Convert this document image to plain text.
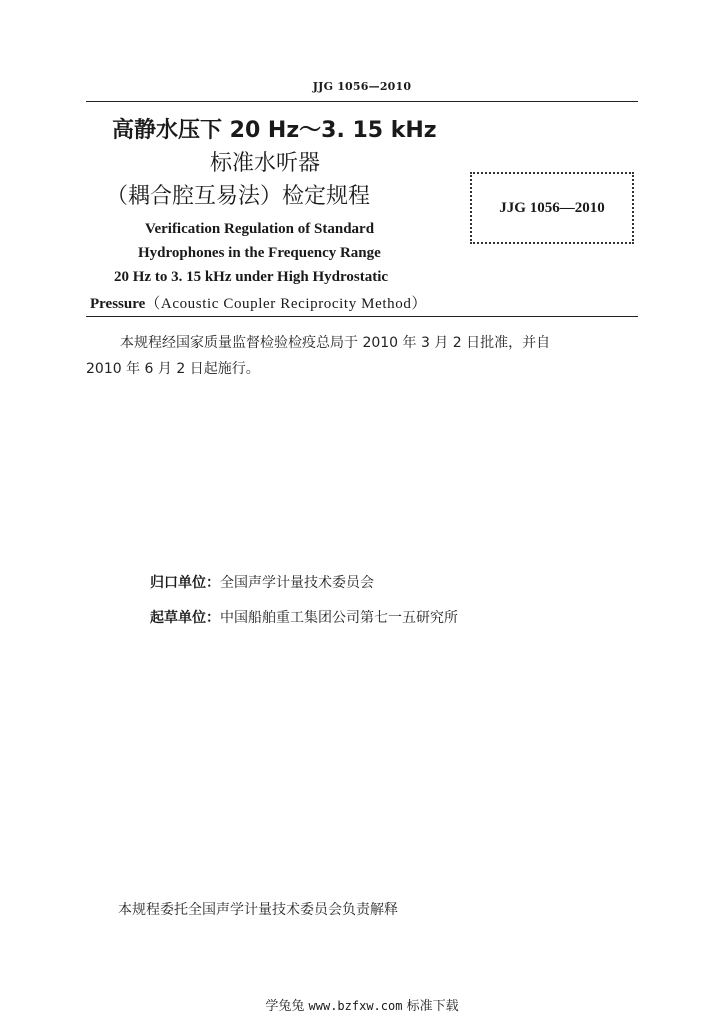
JJG 1056—2010
高静水压下 20 Hz～3. 15 kHz
标准水听器
（耦合腔互易法）检定规程
Verification Regulation of Standard
Hydrophones in the Frequency Range
20 Hz to 3. 15 kHz under High Hydrostatic
Pressure（Acoustic Coupler Reciprocity Method）
JJG 1056—2010
本规程经国家质量监督检验检疫总局于 2010 年 3 月 2 日批准，并自
2010 年 6 月 2 日起施行。
归口单位：全国声学计量技术委员会
起草单位：中国船舶重工集团公司第七一五研究所
本规程委托全国声学计量技术委员会负责解释
学兔兔 www.bzfxw.com 标准下载
